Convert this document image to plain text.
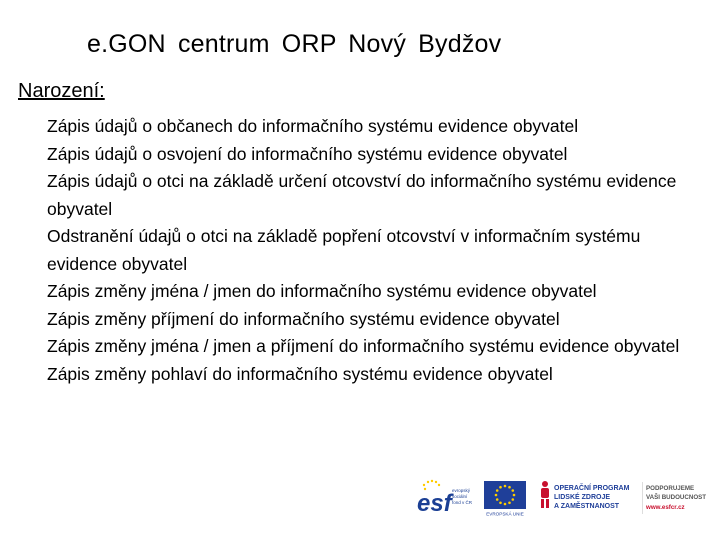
e.GON centrum ORP Nový Bydžov
Narození:
Zápis údajů o občanech do informačního systému evidence obyvatel
Zápis údajů o osvojení do informačního systému evidence obyvatel
Zápis údajů o otci na základě určení otcovství do informačního systému evidence obyvatel
Odstranění údajů o otci na základě popření otcovství v informačním systému evidence obyvatel
Zápis změny jména / jmen do informačního systému evidence obyvatel
Zápis změny příjmení do informačního systému evidence obyvatel
Zápis změny jména / jmen a příjmení do informačního systému evidence obyvatel
Zápis změny pohlaví do informačního systému evidence obyvatel
esf evropský
sociální
fond v ČR
EVROPSKÁ UNIE
OPERAČNÍ PROGRAM
LIDSKÉ ZDROJE
A ZAMĚSTNANOST
PODPORUJEME
VAŠI BUDOUCNOST
www.esfcr.cz
